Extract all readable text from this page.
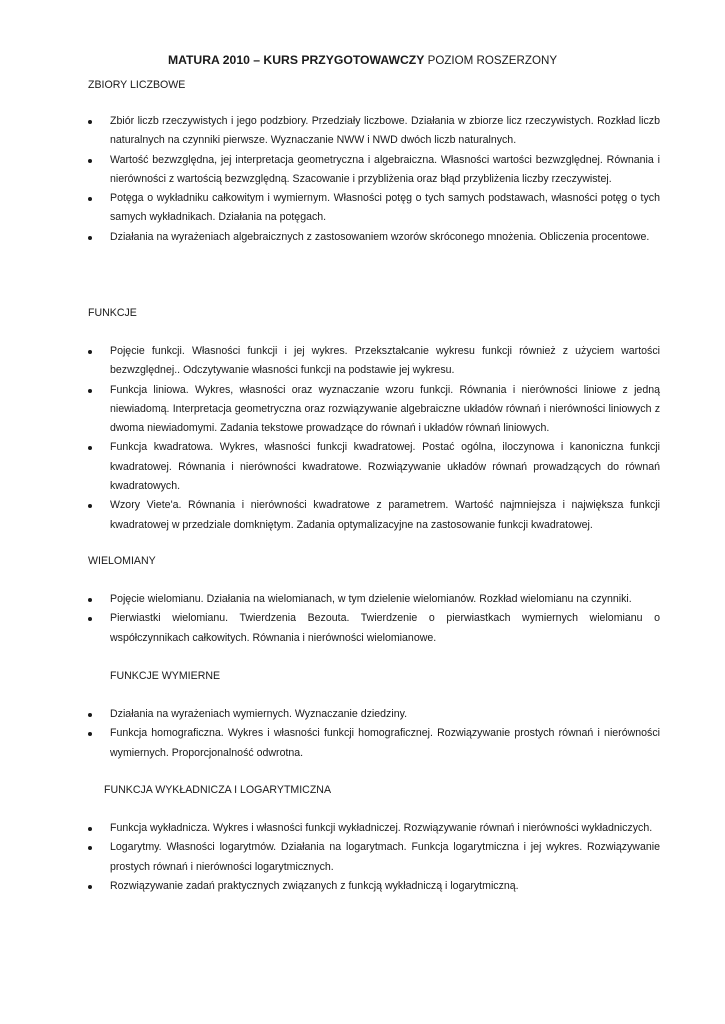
MATURA 2010 – KURS PRZYGOTOWAWCZY POZIOM ROSZERZONY
ZBIORY LICZBOWE
Zbiór liczb rzeczywistych i jego podzbiory. Przedziały liczbowe. Działania w zbiorze licz rzeczywistych. Rozkład liczb naturalnych na czynniki pierwsze. Wyznaczanie NWW i NWD dwóch liczb naturalnych.
Wartość bezwzględna, jej interpretacja geometryczna i algebraiczna. Własności wartości bezwzględnej. Równania i nierówności z wartością bezwzględną. Szacowanie i przybliżenia oraz błąd przybliżenia liczby rzeczywistej.
Potęga o wykładniku całkowitym i wymiernym. Własności potęg o tych samych podstawach, własności potęg o tych samych wykładnikach. Działania na potęgach.
Działania na wyrażeniach algebraicznych z zastosowaniem wzorów skróconego mnożenia. Obliczenia procentowe.
FUNKCJE
Pojęcie funkcji. Własności funkcji i jej wykres. Przekształcanie wykresu funkcji również z użyciem wartości bezwzględnej.. Odczytywanie własności funkcji na podstawie jej wykresu.
Funkcja liniowa. Wykres, własności oraz wyznaczanie wzoru funkcji. Równania i nierówności liniowe z jedną niewiadomą. Interpretacja geometryczna oraz rozwiązywanie algebraiczne układów równań i nierówności liniowych z dwoma niewiadomymi. Zadania tekstowe prowadzące do równań i układów równań liniowych.
Funkcja kwadratowa. Wykres, własności funkcji kwadratowej. Postać ogólna, iloczynowa i kanoniczna funkcji kwadratowej. Równania i nierówności kwadratowe. Rozwiązywanie układów równań prowadzących do równań kwadratowych.
Wzory Viete'a. Równania i nierówności kwadratowe z parametrem. Wartość najmniejsza i największa funkcji kwadratowej w przedziale domkniętym. Zadania optymalizacyjne na zastosowanie funkcji kwadratowej.
WIELOMIANY
Pojęcie wielomianu. Działania na wielomianach, w tym dzielenie wielomianów. Rozkład wielomianu na czynniki.
Pierwiastki wielomianu. Twierdzenia Bezouta. Twierdzenie o pierwiastkach wymiernych wielomianu o współczynnikach całkowitych. Równania i nierówności wielomianowe.
FUNKCJE WYMIERNE
Działania na wyrażeniach wymiernych. Wyznaczanie dziedziny.
Funkcja homograficzna. Wykres i własności funkcji homograficznej. Rozwiązywanie prostych równań i nierówności wymiernych. Proporcjonalność odwrotna.
FUNKCJA WYKŁADNICZA I LOGARYTMICZNA
Funkcja wykładnicza. Wykres i własności funkcji wykładniczej. Rozwiązywanie równań i nierówności wykładniczych.
Logarytmy. Własności logarytmów. Działania na logarytmach. Funkcja logarytmiczna i jej wykres. Rozwiązywanie prostych równań i nierówności logarytmicznych.
Rozwiązywanie zadań praktycznych związanych z funkcją wykładniczą i logarytmiczną.
